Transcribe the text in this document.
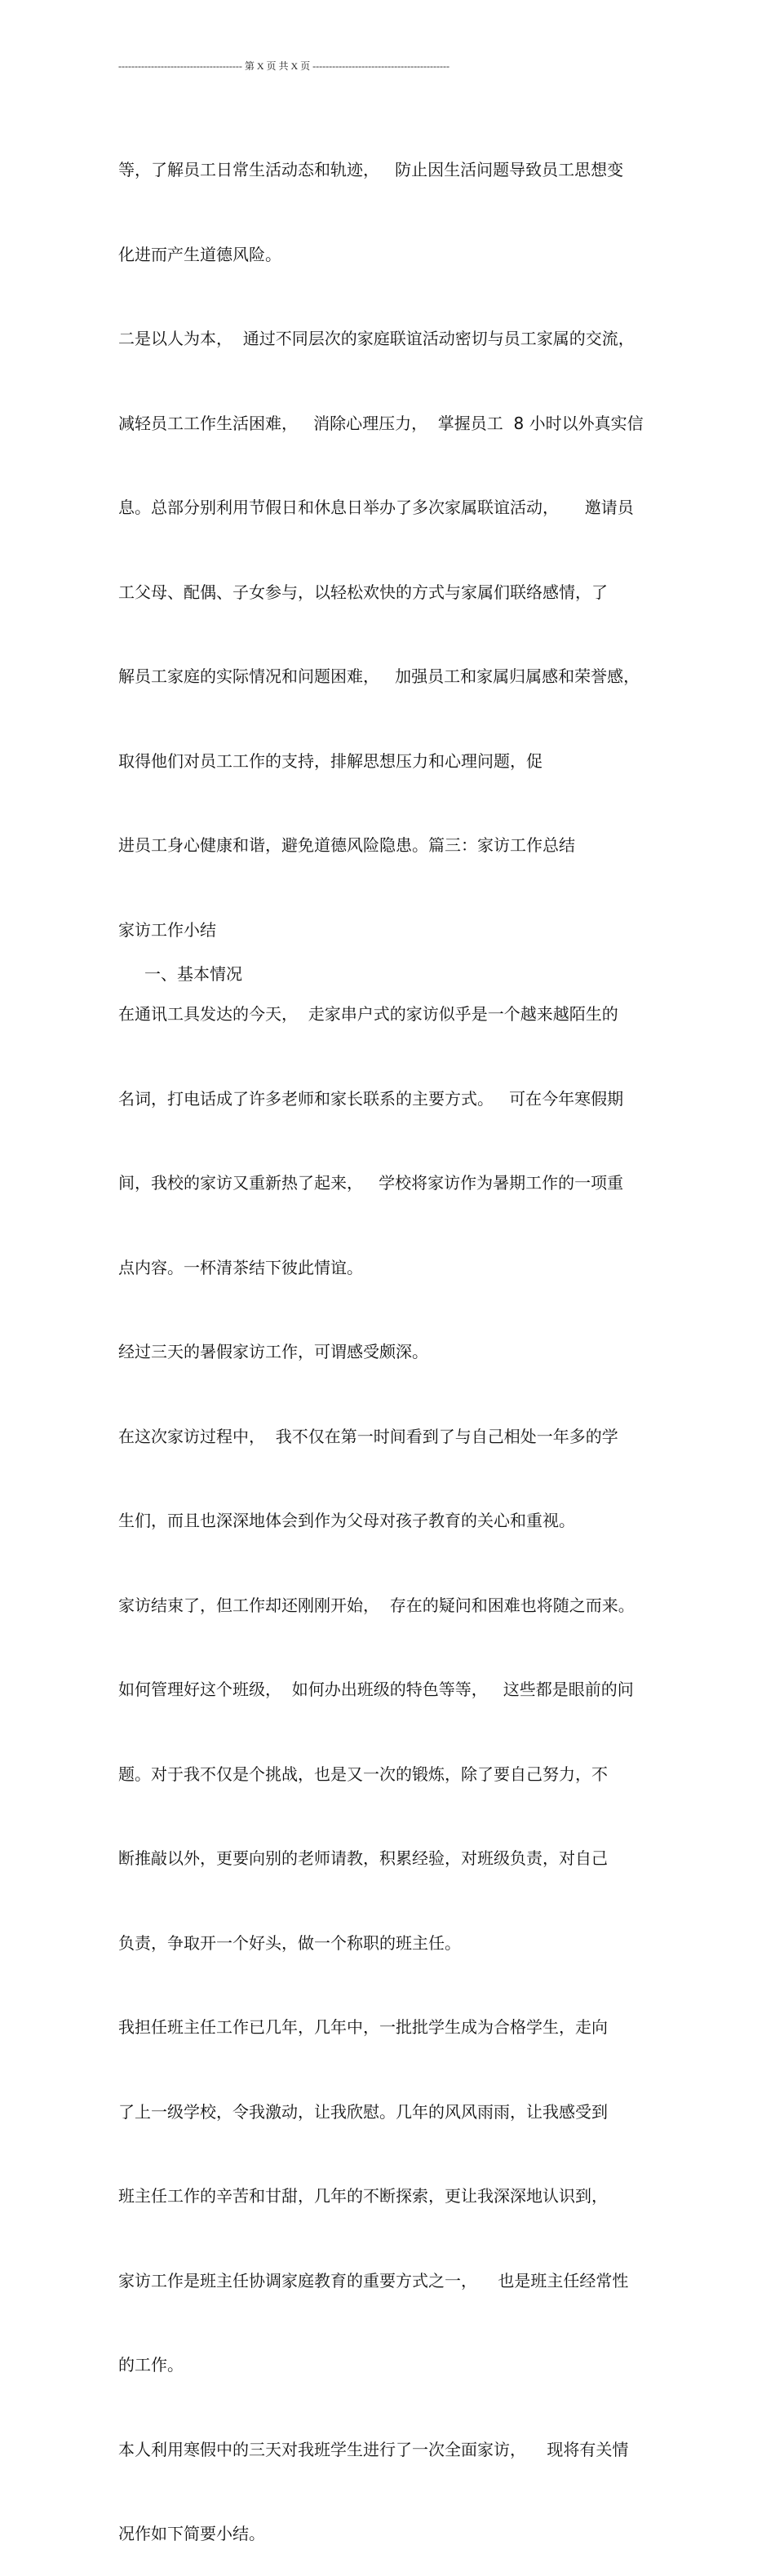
-------------------------------------- 第 X 页 共 X 页 ------------------------------------------

等，了解员工日常生活动态和轨迹，   防止因生活问题导致员工思想变

化进而产生道德风险。

二是以人为本，  通过不同层次的家庭联谊活动密切与员工家属的交流，

减轻员工工作生活困难，   消除心理压力，  掌握员工  8 小时以外真实信

息。总部分别利用节假日和休息日举办了多次家属联谊活动，     邀请员

工父母、配偶、子女参与，以轻松欢快的方式与家属们联络感情，了

解员工家庭的实际情况和问题困难，   加强员工和家属归属感和荣誉感，

取得他们对员工工作的支持，排解思想压力和心理问题，促

进员工身心健康和谐，避免道德风险隐患。篇三：家访工作总结

家访工作小结

在通讯工具发达的今天，  走家串户式的家访似乎是一个越来越陌生的

名词，打电话成了许多老师和家长联系的主要方式。   可在今年寒假期

间，我校的家访又重新热了起来，   学校将家访作为暑期工作的一项重

点内容。一杯清茶结下彼此情谊。

经过三天的暑假家访工作，可谓感受颇深。

在这次家访过程中，  我不仅在第一时间看到了与自己相处一年多的学

生们，而且也深深地体会到作为父母对孩子教育的关心和重视。

家访结束了，但工作却还刚刚开始，  存在的疑问和困难也将随之而来。

如何管理好这个班级，  如何办出班级的特色等等，   这些都是眼前的问

题。对于我不仅是个挑战，也是又一次的锻炼，除了要自己努力，不

断推敲以外，更要向别的老师请教，积累经验，对班级负责，对自己

负责，争取开一个好头，做一个称职的班主任。

我担任班主任工作已几年，几年中，一批批学生成为合格学生，走向

了上一级学校，令我激动，让我欣慰。几年的风风雨雨，让我感受到

班主任工作的辛苦和甘甜，几年的不断探索，更让我深深地认识到，

家访工作是班主任协调家庭教育的重要方式之一，    也是班主任经常性

的工作。

本人利用寒假中的三天对我班学生进行了一次全面家访，    现将有关情

况作如下简要小结。

一、基本情况
